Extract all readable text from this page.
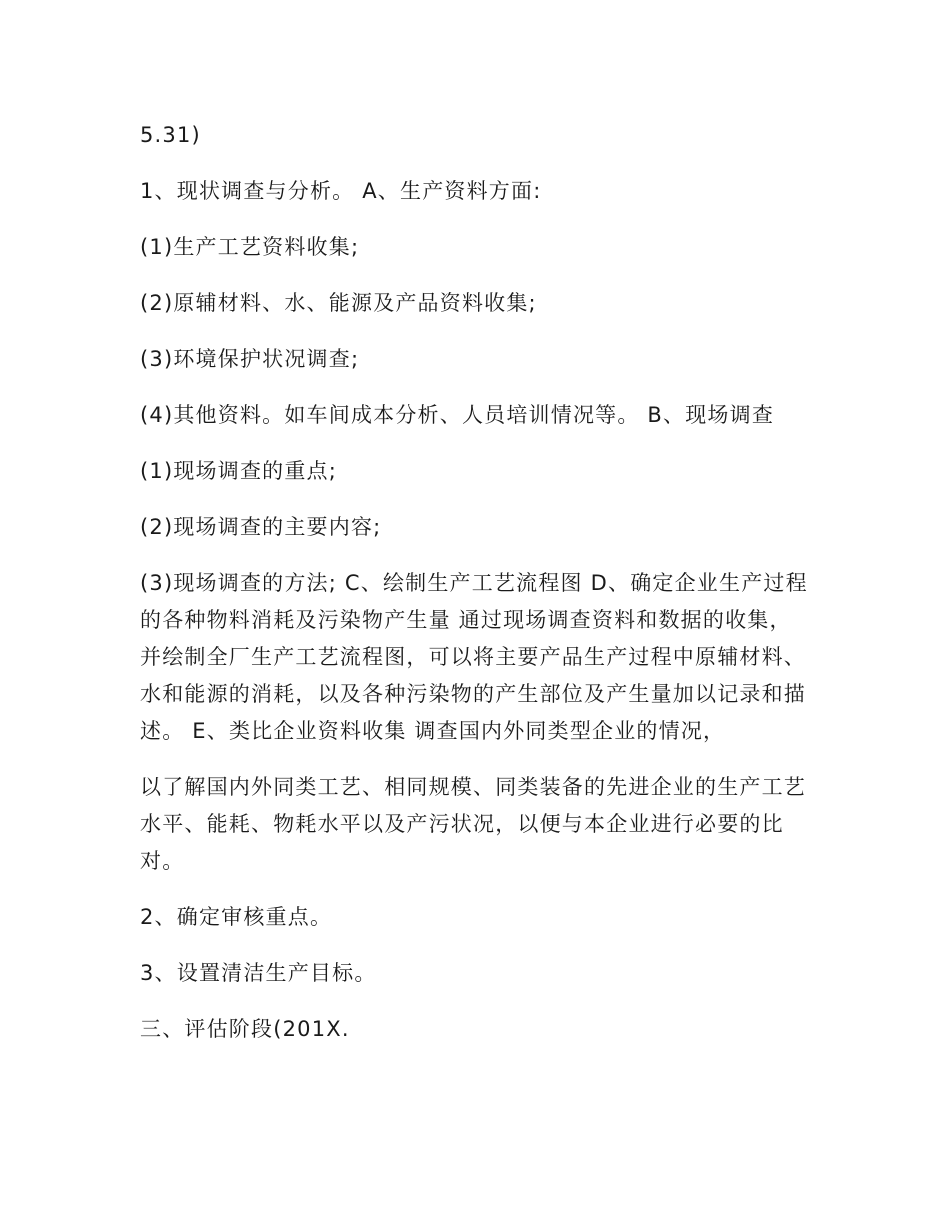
5.31)

1、现状调查与分析。 A、生产资料方面:

(1)生产工艺资料收集;

(2)原辅材料、水、能源及产品资料收集;

(3)环境保护状况调查;

(4)其他资料。如车间成本分析、人员培训情况等。 B、现场调查

(1)现场调查的重点;

(2)现场调查的主要内容;

(3)现场调查的方法; C、绘制生产工艺流程图 D、确定企业生产过程的各种物料消耗及污染物产生量 通过现场调查资料和数据的收集，并绘制全厂生产工艺流程图，可以将主要产品生产过程中原辅材料、水和能源的消耗，以及各种污染物的产生部位及产生量加以记录和描述。 E、类比企业资料收集 调查国内外同类型企业的情况，

以了解国内外同类工艺、相同规模、同类装备的先进企业的生产工艺水平、能耗、物耗水平以及产污状况，以便与本企业进行必要的比对。

2、确定审核重点。

3、设置清洁生产目标。

三、评估阶段(201X.
